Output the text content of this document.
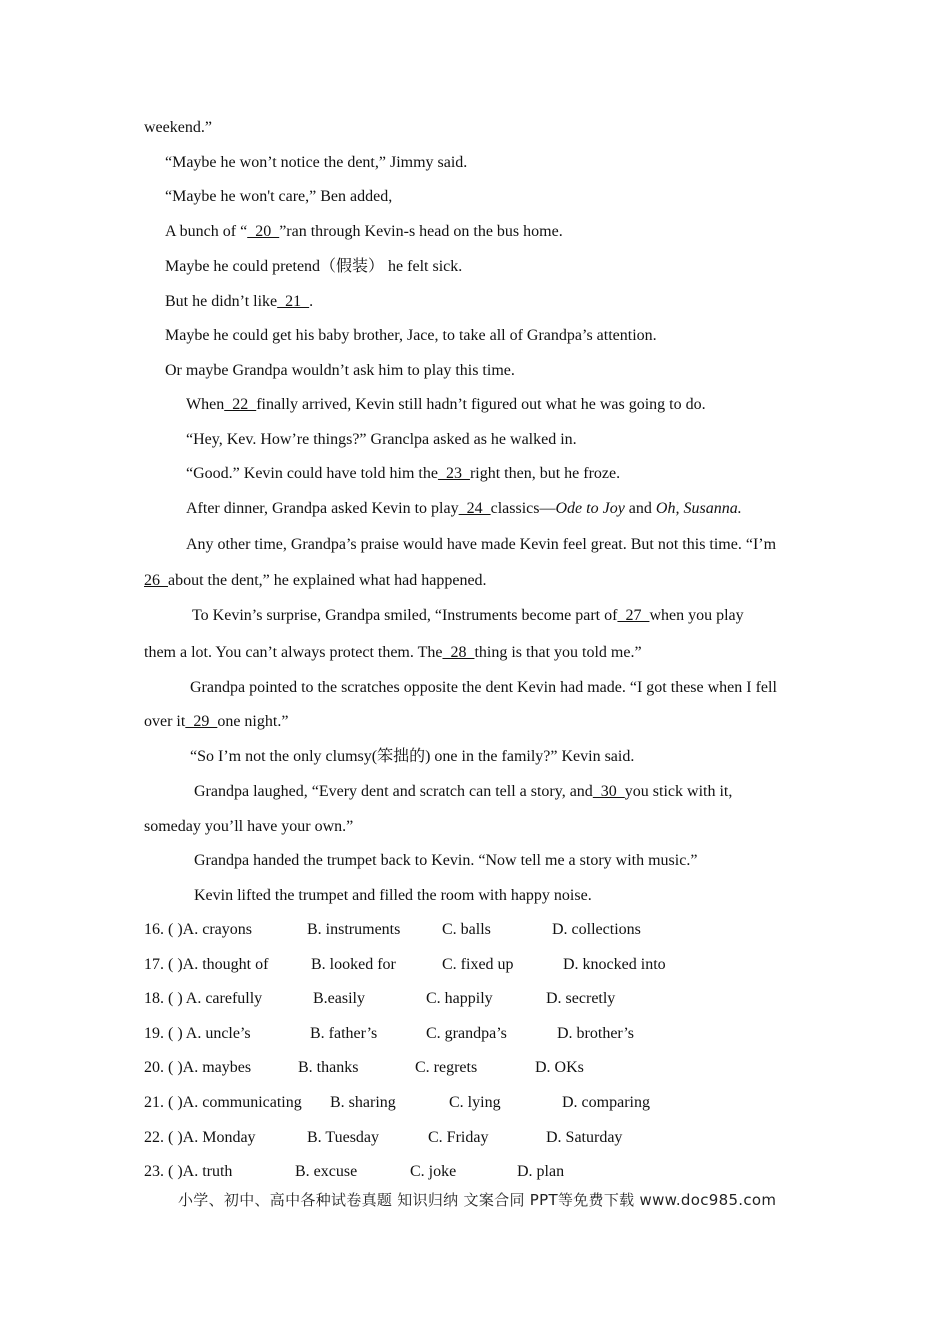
weekend.”
“Maybe he won’t notice the dent,” Jimmy said.
“Maybe he won't care,” Ben added,
A bunch of “  20  ”ran through Kevin-s head on the bus home.
Maybe he could pretend（假装） he felt sick.
But he didn’t like  21  .
Maybe he could get his baby brother, Jace, to take all of Grandpa’s attention.
Or maybe Grandpa wouldn’t ask him to play this time.
When  22  finally arrived, Kevin still hadn’t figured out what he was going to do.
“Hey, Kev. How’re things?” Granclpa asked as he walked in.
“Good.” Kevin could have told him the  23  right then, but he froze.
After dinner, Grandpa asked Kevin to play  24  classics—Ode to Joy and Oh, Susanna.
Any other time, Grandpa’s praise would have made Kevin feel great. But not this time. “I’m
26  about the dent,” he explained what had happened.
To Kevin’s surprise, Grandpa smiled, “Instruments become part of  27  when you play
them a lot. You can’t always protect them. The  28  thing is that you told me.”
Grandpa pointed to the scratches opposite the dent Kevin had made. “I got these when I fell
over it  29  one night.”
“So I’m not the only clumsy(笨拙的) one in the family?” Kevin said.
Grandpa laughed, “Every dent and scratch can tell a story, and  30  you stick with it,
someday you’ll have your own.”
Grandpa handed the trumpet back to Kevin. “Now tell me a story with music.”
Kevin lifted the trumpet and filled the room with happy noise.
16. ( )A. crayons	B. instruments	C. balls	D. collections
17. ( )A. thought of	B. looked for	C. fixed up	D. knocked into
18. ( ) A. carefully	B.easily	C. happily	D. secretly
19. ( ) A. uncle’s	B. father’s	C. grandpa’s	D. brother’s
20. ( )A. maybes	B. thanks	C. regrets	D. OKs
21. ( )A. communicating B. sharing	C. lying	D. comparing
22. ( )A. Monday	B. Tuesday	C. Friday	D. Saturday
23. ( )A. truth	B. excuse	C. joke	D. plan
小学、初中、高中各种试卷真题 知识归纳 文案合同 PPT等免费下载 www.doc985.com
